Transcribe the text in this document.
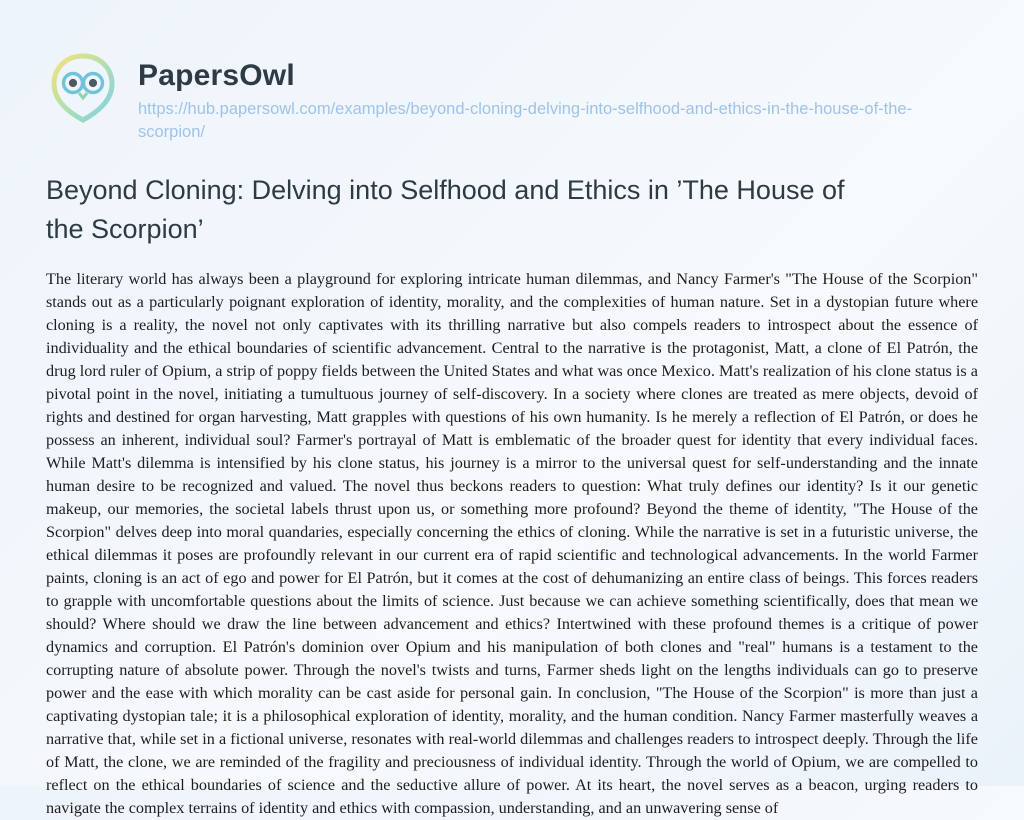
PapersOwl
https://hub.papersowl.com/examples/beyond-cloning-delving-into-selfhood-and-ethics-in-the-house-of-the-scorpion/
Beyond Cloning: Delving into Selfhood and Ethics in ’The House of the Scorpion’
The literary world has always been a playground for exploring intricate human dilemmas, and Nancy Farmer's "The House of the Scorpion" stands out as a particularly poignant exploration of identity, morality, and the complexities of human nature. Set in a dystopian future where cloning is a reality, the novel not only captivates with its thrilling narrative but also compels readers to introspect about the essence of individuality and the ethical boundaries of scientific advancement. Central to the narrative is the protagonist, Matt, a clone of El Patrón, the drug lord ruler of Opium, a strip of poppy fields between the United States and what was once Mexico. Matt's realization of his clone status is a pivotal point in the novel, initiating a tumultuous journey of self-discovery. In a society where clones are treated as mere objects, devoid of rights and destined for organ harvesting, Matt grapples with questions of his own humanity. Is he merely a reflection of El Patrón, or does he possess an inherent, individual soul? Farmer's portrayal of Matt is emblematic of the broader quest for identity that every individual faces. While Matt's dilemma is intensified by his clone status, his journey is a mirror to the universal quest for self-understanding and the innate human desire to be recognized and valued. The novel thus beckons readers to question: What truly defines our identity? Is it our genetic makeup, our memories, the societal labels thrust upon us, or something more profound? Beyond the theme of identity, "The House of the Scorpion" delves deep into moral quandaries, especially concerning the ethics of cloning. While the narrative is set in a futuristic universe, the ethical dilemmas it poses are profoundly relevant in our current era of rapid scientific and technological advancements. In the world Farmer paints, cloning is an act of ego and power for El Patrón, but it comes at the cost of dehumanizing an entire class of beings. This forces readers to grapple with uncomfortable questions about the limits of science. Just because we can achieve something scientifically, does that mean we should? Where should we draw the line between advancement and ethics? Intertwined with these profound themes is a critique of power dynamics and corruption. El Patrón's dominion over Opium and his manipulation of both clones and "real" humans is a testament to the corrupting nature of absolute power. Through the novel's twists and turns, Farmer sheds light on the lengths individuals can go to preserve power and the ease with which morality can be cast aside for personal gain. In conclusion, "The House of the Scorpion" is more than just a captivating dystopian tale; it is a philosophical exploration of identity, morality, and the human condition. Nancy Farmer masterfully weaves a narrative that, while set in a fictional universe, resonates with real-world dilemmas and challenges readers to introspect deeply. Through the life of Matt, the clone, we are reminded of the fragility and preciousness of individual identity. Through the world of Opium, we are compelled to reflect on the ethical boundaries of science and the seductive allure of power. At its heart, the novel serves as a beacon, urging readers to navigate the complex terrains of identity and ethics with compassion, understanding, and an unwavering sense of
